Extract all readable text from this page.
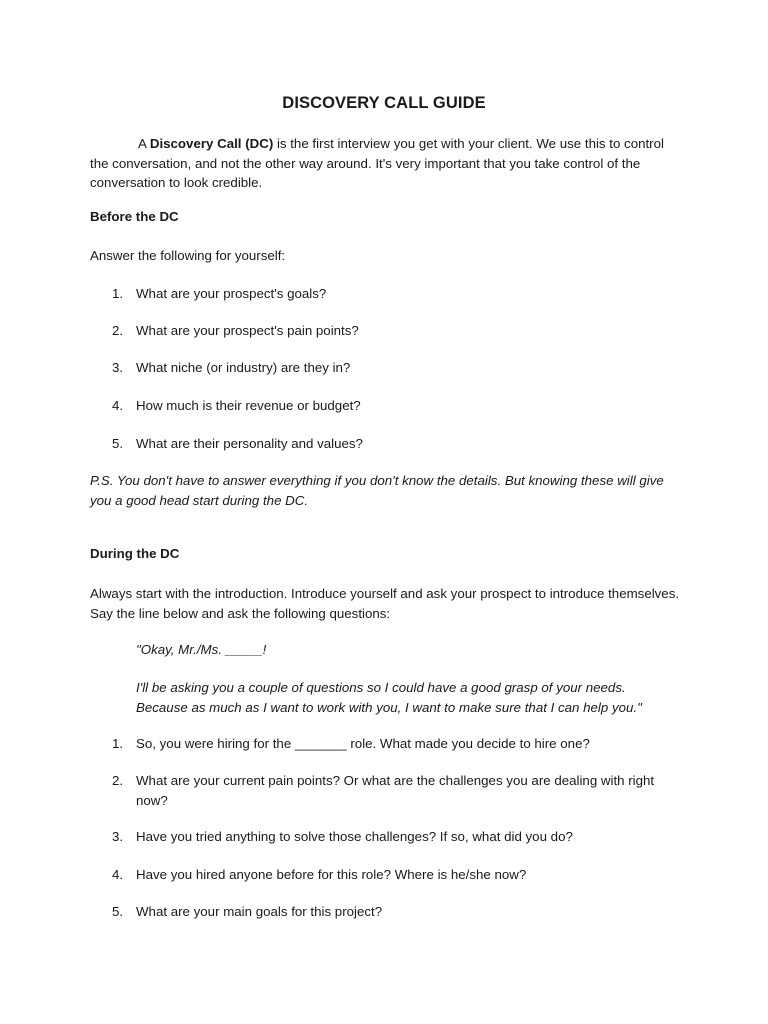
DISCOVERY CALL GUIDE
A Discovery Call (DC) is the first interview you get with your client. We use this to control the conversation, and not the other way around. It's very important that you take control of the conversation to look credible.
Before the DC
Answer the following for yourself:
1. What are your prospect's goals?
2. What are your prospect's pain points?
3. What niche (or industry) are they in?
4. How much is their revenue or budget?
5. What are their personality and values?
P.S. You don't have to answer everything if you don't know the details. But knowing these will give you a good head start during the DC.
During the DC
Always start with the introduction. Introduce yourself and ask your prospect to introduce themselves. Say the line below and ask the following questions:
"Okay, Mr./Ms. _____!
I'll be asking you a couple of questions so I could have a good grasp of your needs. Because as much as I want to work with you, I want to make sure that I can help you."
1. So, you were hiring for the _______ role. What made you decide to hire one?
2. What are your current pain points? Or what are the challenges you are dealing with right now?
3. Have you tried anything to solve those challenges? If so, what did you do?
4. Have you hired anyone before for this role? Where is he/she now?
5. What are your main goals for this project?
